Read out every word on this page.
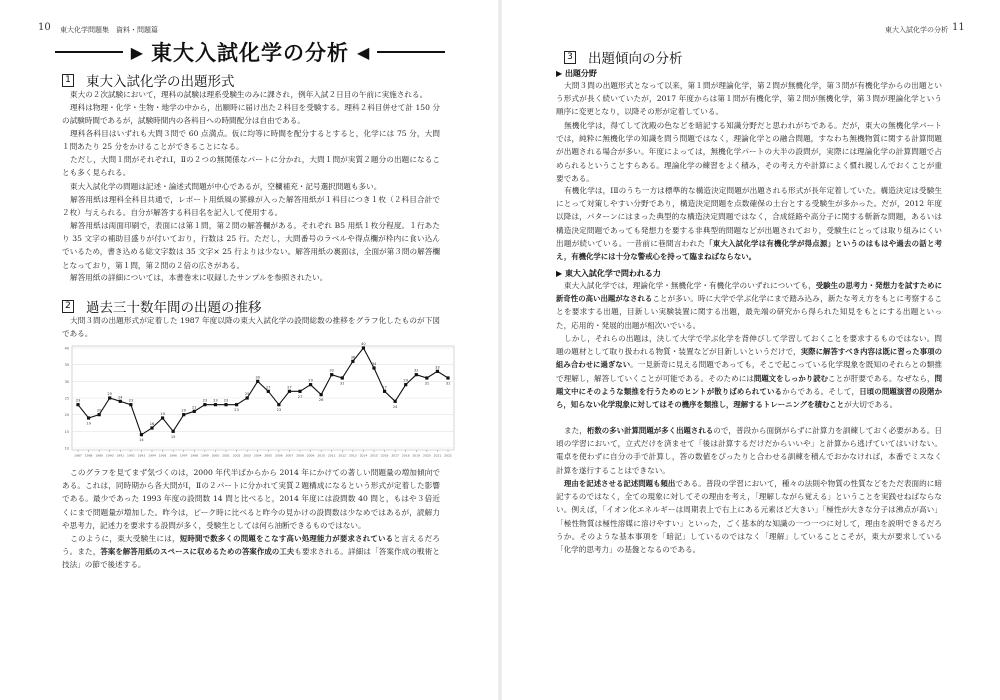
10 東大化学問題集　資料・問題篇
▶ 東大入試化学の分析 ◀
1 東大入試化学の出題形式

東大の２次試験において，理科の試験は理系受験生のみに課され，例年入試２日目の午前に実施される。

理科は物理・化学・生物・地学の中から，出願時に届け出た２科目を受験する。理科２科目併せて計 150 分の試験時間であるが，試験時間内の各科目への時間配分は自由である。

理科各科目はいずれも大問３問で 60 点満点。仮に均等に時間を配分するとすると，化学には 75 分，大問１問あたり 25 分をかけることができることになる。

ただし，大問１問がそれぞれⅠ，Ⅱの２つの無関係なパートに分かれ，大問１問が実質２題分の出題になることも多く見られる。

東大入試化学の問題は記述・論述式問題が中心であるが，空欄補充・記号選択問題も多い。

解答用紙は理科全科目共通で，レポート用紙風の罫線が入った解答用紙が１科目につき１枚（２科目合計で２枚）与えられる。自分が解答する科目名を記入して使用する。

解答用紙は両面印刷で，表面には第１問，第２問の解答欄がある。それぞれ B5 用紙１枚分程度。１行あたり 35 文字の補助目盛りが付いており，行数は 25 行。ただし，大問番号のラベルや得点欄が枠内に食い込んでいるため，書き込める総文字数は 35 文字× 25 行よりは少ない。解答用紙の裏面は，全面が第３問の解答欄となっており，第１問，第２問の２倍の広さがある。

解答用紙の詳細については，本書巻末に収録したサンプルを参照されたい。

2 過去三十数年間の出題の推移

大問３問の出題形式が定着した 1987 年度以降の東大入試化学の設問総数の推移をグラフ化したものが下図である。

10
15
20
25
30
35
40
1987 1988 1989 1990 1991 1992 1993 1994 1995 1996 1997 1998 1999 2000 2001 2002 2003 2004 2005 2006 2007 2008 2009 2010 2011 2012 2013 2014 2015 2016 2017 2018 2019 2020 2021 2022
23
19
20
25
24
23
14
16
19
15
20
21
23 23 23
23
25
30
27
23
27
27
29
26
32
31
36
40
34
27
24
29
32
31
33
31

このグラフを見てまず気づくのは，2000 年代半ばからから 2014 年にかけての著しい問題量の増加傾向である。これは，同時期から各大問がⅠ，Ⅱの２パートに分かれて実質２題構成になるという形式が定着した影響である。最少であった 1993 年度の設問数 14 問と比べると，2014 年度には設問数 40 問と，もはや３倍近くにまで問題量が増加した。昨今は，ピーク時に比べると昨今の見かけの設問数は少なめではあるが，読解力や思考力，記述力を要求する設問が多く，受験生としては何ら油断できるものではない。

このように，東大受験生には，短時間で数多くの問題をこなす高い処理能力が要求されていると言えるだろう。また，答案を解答用紙のスペースに収めるための答案作成の工夫も要求される。詳細は「答案作成の戦術と技法」の節で後述する。

東大入試化学の分析 11
3 出題傾向の分析
▶ 出題分野

大問３問の出題形式となって以来，第１問が理論化学，第２問が無機化学，第３問が有機化学からの出題という形式が長く続いていたが，2017 年度からは第１問が有機化学，第２問が無機化学，第３問が理論化学という順序に変更となり，以降その形が定着している。

無機化学は，得てして沈殿の色などを暗記する知識分野だと思われがちである。だが，東大の無機化学パートでは，純粋に無機化学の知識を問う問題ではなく，理論化学との融合問題，すなわち無機物質に関する計算問題が出題される場合が多い。年度によっては，無機化学パートの大半の設問が，実際には理論化学の計算問題で占められるということすらある。理論化学の練習をよく積み，その考え方や計算によく慣れ親しんでおくことが重要である。

有機化学は，ⅠⅡのうち一方は標準的な構造決定問題が出題される形式が長年定着していた。構造決定は受験生にとって対策しやすい分野であり，構造決定問題を点数確保の土台とする受験生が多かった。だが，2012 年度以降は，パターンにはまった典型的な構造決定問題ではなく，合成経路や高分子に関する斬新な問題，あるいは構造決定問題であっても発想力を要する非典型的問題などが出題されており，受験生にとっては取り組みにくい出題が続いている。一昔前に巷間言われた「東大入試化学は有機化学が得点源」というのはもはや過去の話と考え，有機化学には十分な警戒心を持って臨まねばならない。

▶ 東大入試化学で問われる力

東大入試化学では，理論化学・無機化学・有機化学のいずれについても，受験生の思考力・発想力を試すために新奇性の高い出題がなされることが多い。時に大学で学ぶ化学にまで踏み込み，新たな考え方をもとに考察することを要求する出題，目新しい実験装置に関する出題，最先端の研究から得られた知見をもとにする出題といった，応用的・発展的出題が相次いでいる。

しかし，それらの出題は，決して大学で学ぶ化学を背伸びして学習しておくことを要求するものではない。問題の題材として取り扱われる物質・装置などが目新しいというだけで，実際に解答すべき内容は既に習った事項の組み合わせに過ぎない。一見新奇に見える問題であっても，そこで起こっている化学現象を既知のそれらとの類推で理解し，解答していくことが可能である。そのためには問題文をしっかり読むことが肝要である。なぜなら，問題文中にそのような類推を行うためのヒントが散りばめられているからである。そして，日頃の問題演習の段階から，知らない化学現象に対してはその機序を類推し，理解するトレーニングを積むことが大切である。

また，桁数の多い計算問題が多く出題されるので，普段から面倒がらずに計算力を訓練しておく必要がある。日頃の学習において，立式だけを済ませて「後は計算するだけだからいいや」と計算から逃げていてはいけない。電卓を使わずに自分の手で計算し，答の数値をぴったりと合わせる訓練を積んでおかなければ，本番でミスなく計算を遂行することはできない。

理由を記述させる記述問題も頻出である。普段の学習において，種々の法則や物質の性質などをただ表面的に暗記するのではなく，全ての現象に対してその理由を考え，「理解しながら覚える」ということを実践せねばならない。例えば，「イオン化エネルギーは周期表上で右上にある元素ほど大きい」「極性が大きな分子は沸点が高い」「極性物質は極性溶媒に溶けやすい」といった，ごく基本的な知識の一つ一つに対して，理由を説明できるだろうか。そのような基本事項を「暗記」しているのではなく「理解」していることこそが，東大が要求している「化学的思考力」の基盤となるのである。
